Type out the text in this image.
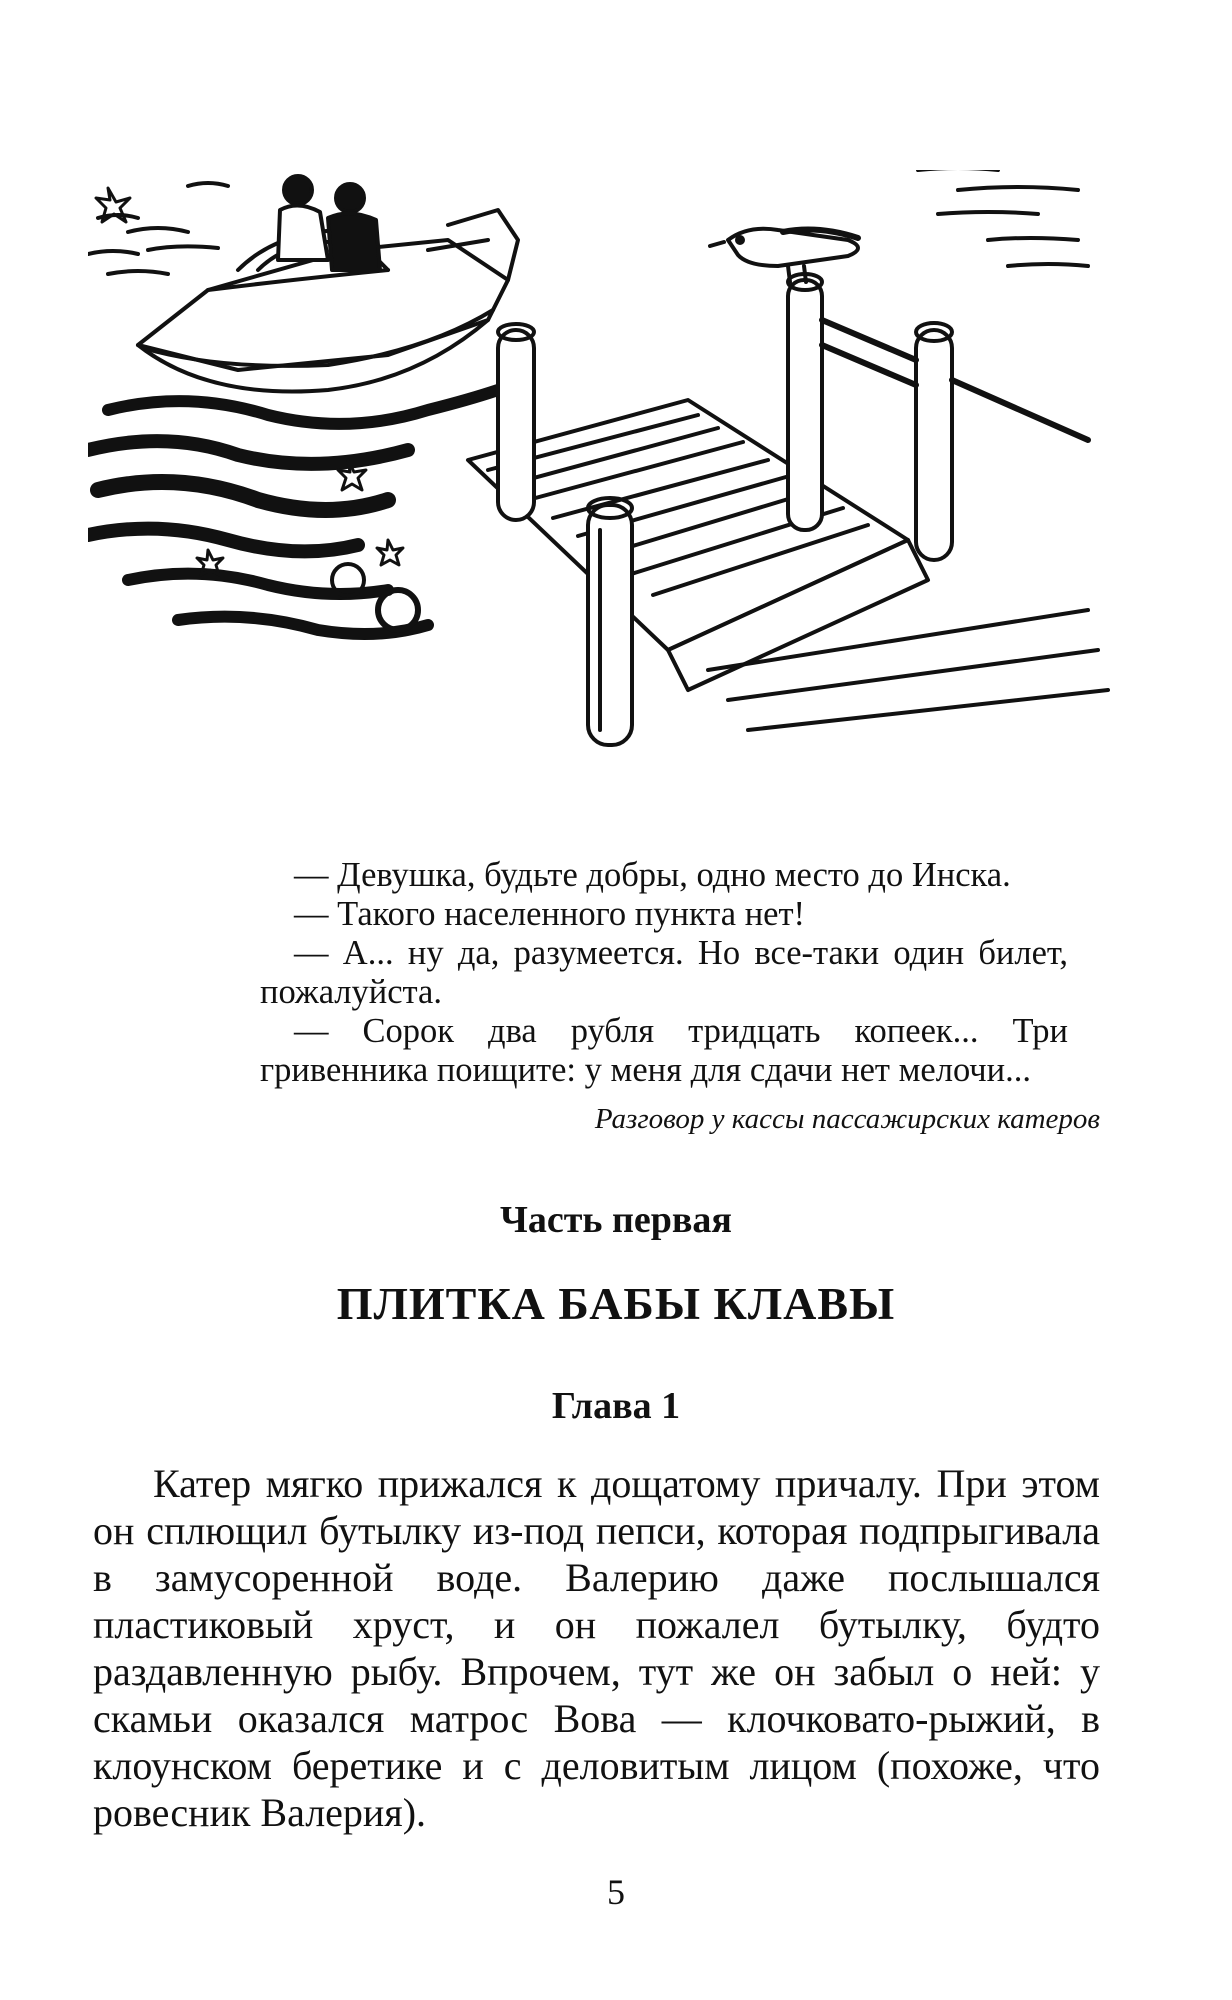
— Девушка, будьте добры, одно место до Инска.

— Такого населенного пункта нет!

— А... ну да, разумеется. Но все-таки один билет, пожалуйста.

— Сорок два рубля тридцать копеек... Три гривенника поищите: у меня для сдачи нет мелочи...

Разговор у кассы пассажирских катеров

Часть первая
ПЛИТКА БАБЫ КЛАВЫ
Глава 1

Катер мягко прижался к дощатому причалу. При этом он сплющил бутылку из-под пепси, которая подпрыгивала в замусоренной воде. Валерию даже послышался пластиковый хруст, и он пожалел бутылку, будто раздавленную рыбу. Впрочем, тут же он забыл о ней: у скамьи оказался матрос Вова — клочковато-рыжий, в клоунском беретике и с деловитым лицом (похоже, что ровесник Валерия).

5
